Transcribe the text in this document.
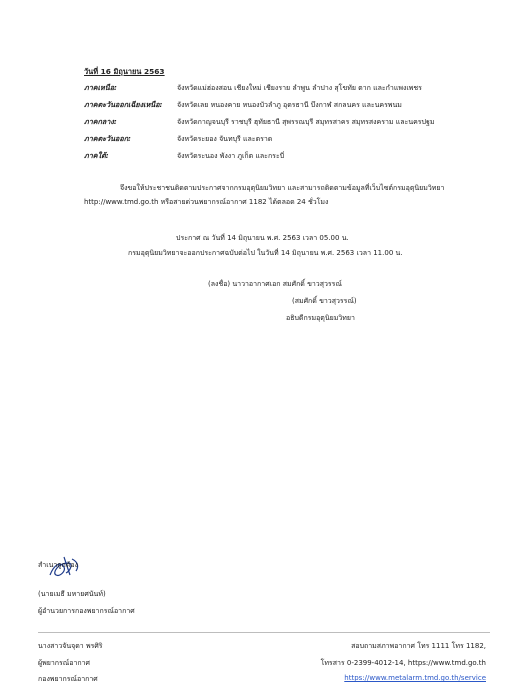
วันที่ 16 มิถุนายน 2563
ภาคเหนือ:	จังหวัดแม่ฮ่องสอน เชียงใหม่ เชียงราย ลำพูน ลำปาง สุโขทัย ตาก และกำแพงเพชร
ภาคตะวันออกเฉียงเหนือ:	จังหวัดเลย หนองคาย หนองบัวลำภู อุดรธานี บึงกาฬ สกลนคร และนครพนม
ภาคกลาง:	จังหวัดกาญจนบุรี ราชบุรี ฮุทัยธานี สุพรรณบุรี สมุทรสาคร สมุทรสงคราม และนครปฐม
ภาคตะวันออก:	จังหวัดระยอง จันทบุรี และตราด
ภาคใต้:	จังหวัดระนอง พังงา ภูเก็ต และกระบี่
จึงขอให้ประชาชนติดตามประกาศจากกรมอุตุนิยมวิทยา และสามารถติดตามข้อมูลที่เว็บไซต์กรมอุตุนิยมวิทยา
http://www.tmd.go.th หรือสายด่วนพยากรณ์อากาศ 1182 ได้ตลอด 24 ชั่วโมง
ประกาศ ณ วันที่ 14 มิถุนายน พ.ศ. 2563 เวลา 05.00 น.
กรมอุตุนิยมวิทยาจะออกประกาศฉบับต่อไป ในวันที่ 14 มิถุนายน พ.ศ. 2563 เวลา 11.00 น.
(ลงชื่อ) นาวาอากาศเอก สมศักดิ์ ขาวสุวรรณ์
(สมศักดิ์ ขาวสุวรรณ์)
อธิบดีกรมอุตุนิยมวิทยา
สำเนาถูกต้อง
(นายเมธี มหายศนันท์)
ผู้อำนวยการกองพยากรณ์อากาศ
นางสาวจันจุดา พรศิริ
ผู้พยากรณ์อากาศ
กองพยากรณ์อากาศ
สอบถามสภาพอากาศ โทร 1111 โทร 1182,
โทรสาร 0-2399-4012-14, https://www.tmd.go.th
https://www.metalarm.tmd.go.th/service
